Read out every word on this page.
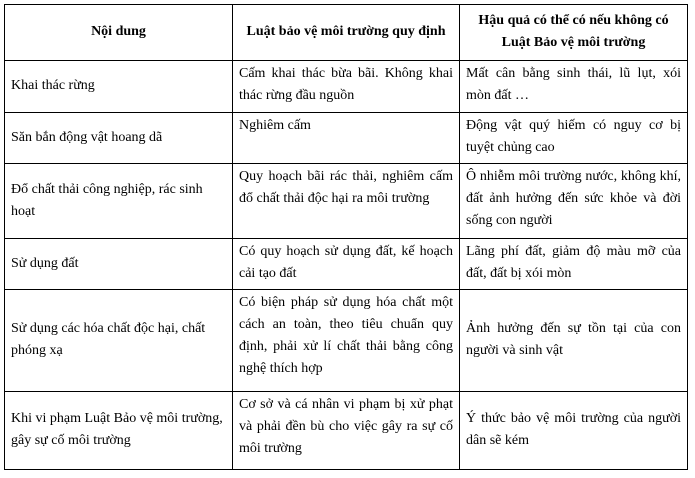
Nội dung	Luật bảo vệ môi trường quy định	Hậu quả có thể có nếu không có Luật Bảo vệ môi trường
Khai thác rừng	Cấm khai thác bừa bãi. Không khai thác rừng đầu nguồn	Mất cân bằng sinh thái, lũ lụt, xói mòn đất …
Săn bắn động vật hoang dã	Nghiêm cấm	Động vật quý hiếm có nguy cơ bị tuyệt chủng cao
Đổ chất thải công nghiệp, rác sinh hoạt	Quy hoạch bãi rác thải, nghiêm cấm đổ chất thải độc hại ra môi trường	Ô nhiễm môi trường nước, không khí, đất ảnh hưởng đến sức khỏe và đời sống con người
Sử dụng đất	Có quy hoạch sử dụng đất, kế hoạch cải tạo đất	Lãng phí đất, giảm độ màu mỡ của đất, đất bị xói mòn
Sử dụng các hóa chất độc hại, chất phóng xạ	Có biện pháp sử dụng hóa chất một cách an toàn, theo tiêu chuẩn quy định, phải xử lí chất thải bằng công nghệ thích hợp	Ảnh hưởng đến sự tồn tại của con người và sinh vật
Khi vi phạm Luật Bảo vệ môi trường, gây sự cố môi trường	Cơ sở và cá nhân vi phạm bị xử phạt và phải đền bù cho việc gây ra sự cố môi trường	Ý thức bảo vệ môi trường của người dân sẽ kém
